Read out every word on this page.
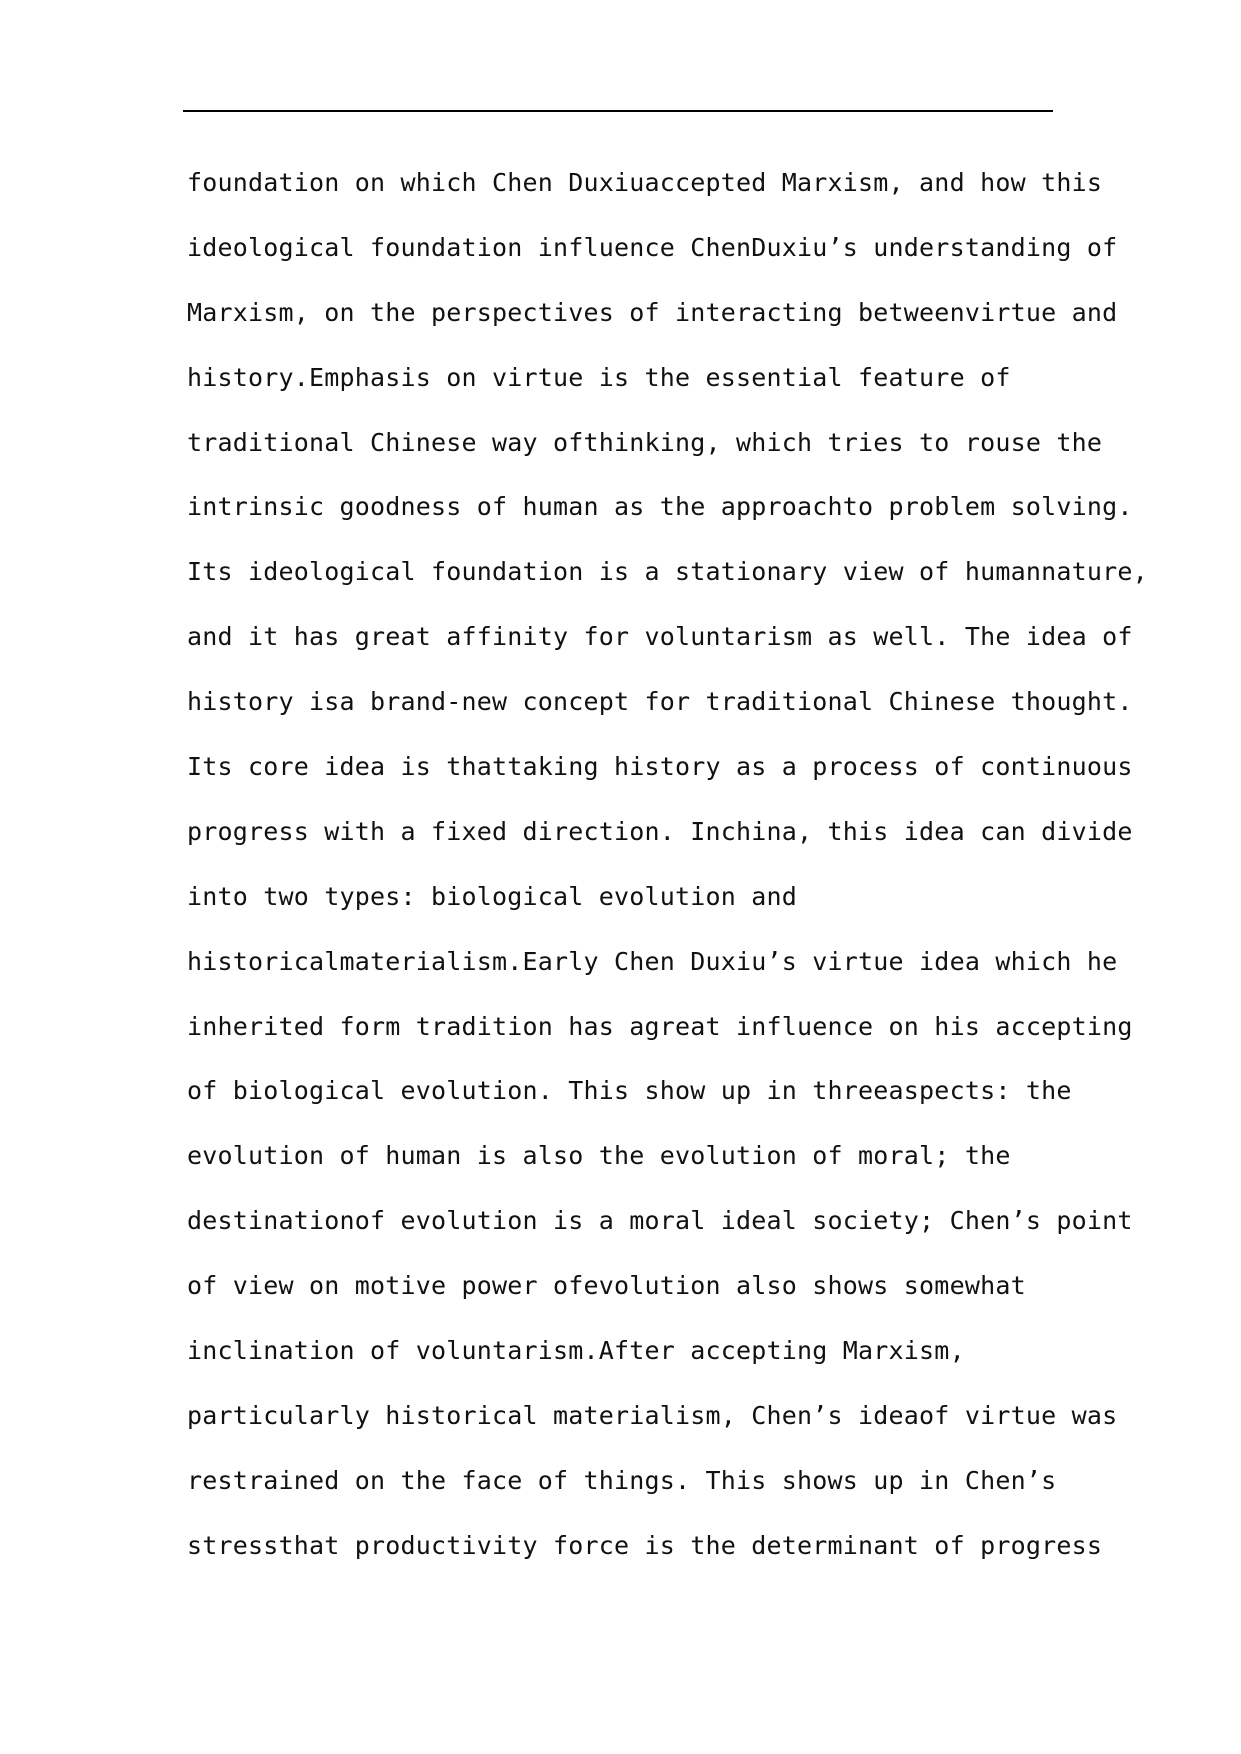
foundation on which Chen Duxiuaccepted Marxism, and how this
ideological foundation influence ChenDuxiu’s understanding of
Marxism, on the perspectives of interacting betweenvirtue and
history.Emphasis on virtue is the essential feature of
traditional Chinese way ofthinking, which tries to rouse the
intrinsic goodness of human as the approachto problem solving.
Its ideological foundation is a stationary view of humannature,
and it has great affinity for voluntarism as well. The idea of
history isa brand-new concept for traditional Chinese thought.
Its core idea is thattaking history as a process of continuous
progress with a fixed direction. Inchina, this idea can divide
into two types: biological evolution and
historicalmaterialism.Early Chen Duxiu’s virtue idea which he
inherited form tradition has agreat influence on his accepting
of biological evolution. This show up in threeaspects: the
evolution of human is also the evolution of moral; the
destinationof evolution is a moral ideal society; Chen’s point
of view on motive power ofevolution also shows somewhat
inclination of voluntarism.After accepting Marxism,
particularly historical materialism, Chen’s ideaof virtue was
restrained on the face of things. This shows up in Chen’s
stressthat productivity force is the determinant of progress
